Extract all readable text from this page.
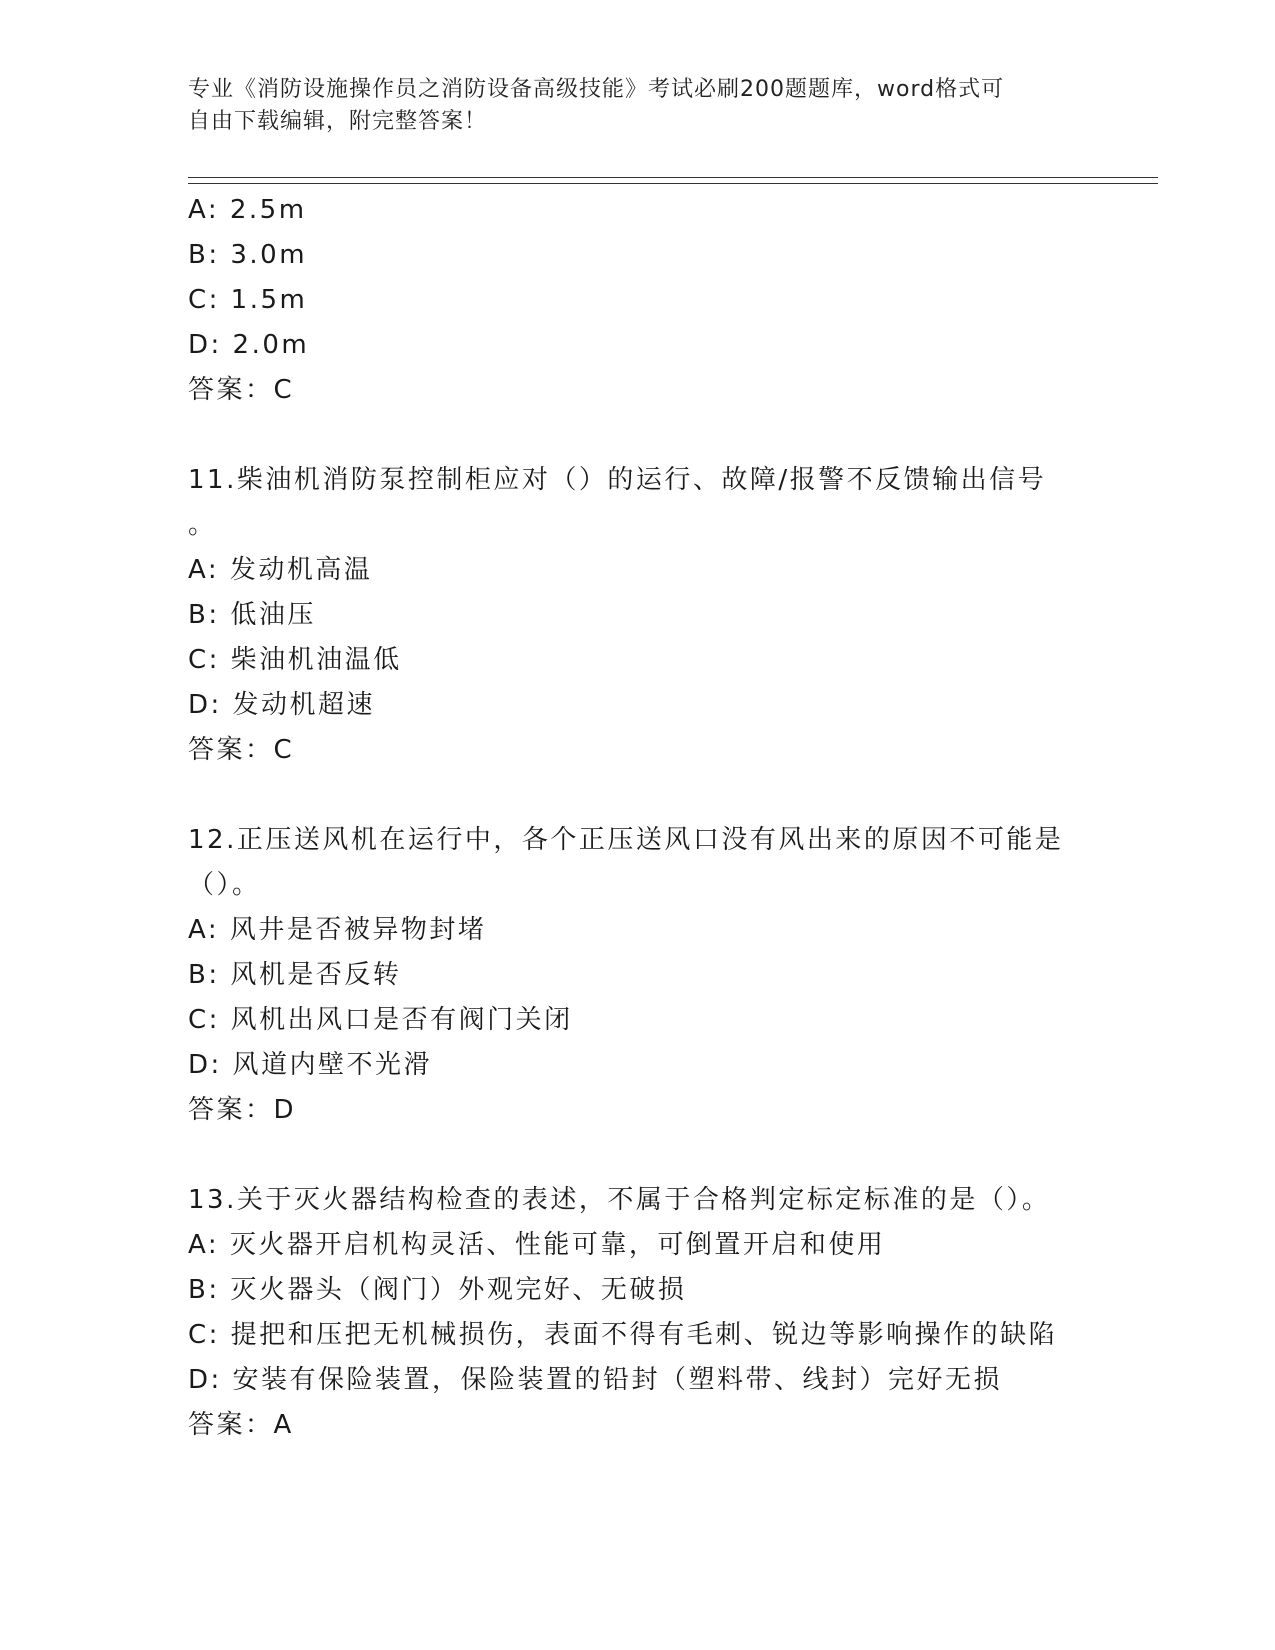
专业《消防设施操作员之消防设备高级技能》考试必刷200题题库，word格式可
自由下载编辑，附完整答案！
A: 2.5m
B: 3.0m
C: 1.5m
D: 2.0m
答案：C
11.柴油机消防泵控制柜应对（）的运行、故障/报警不反馈输出信号
。
A: 发动机高温
B: 低油压
C: 柴油机油温低
D: 发动机超速
答案：C
12.正压送风机在运行中，各个正压送风口没有风出来的原因不可能是
（）。
A: 风井是否被异物封堵
B: 风机是否反转
C: 风机出风口是否有阀门关闭
D: 风道内壁不光滑
答案：D
13.关于灭火器结构检查的表述，不属于合格判定标定标准的是（）。
A: 灭火器开启机构灵活、性能可靠，可倒置开启和使用
B: 灭火器头（阀门）外观完好、无破损
C: 提把和压把无机械损伤，表面不得有毛刺、锐边等影响操作的缺陷
D: 安装有保险装置，保险装置的铅封（塑料带、线封）完好无损
答案：A
